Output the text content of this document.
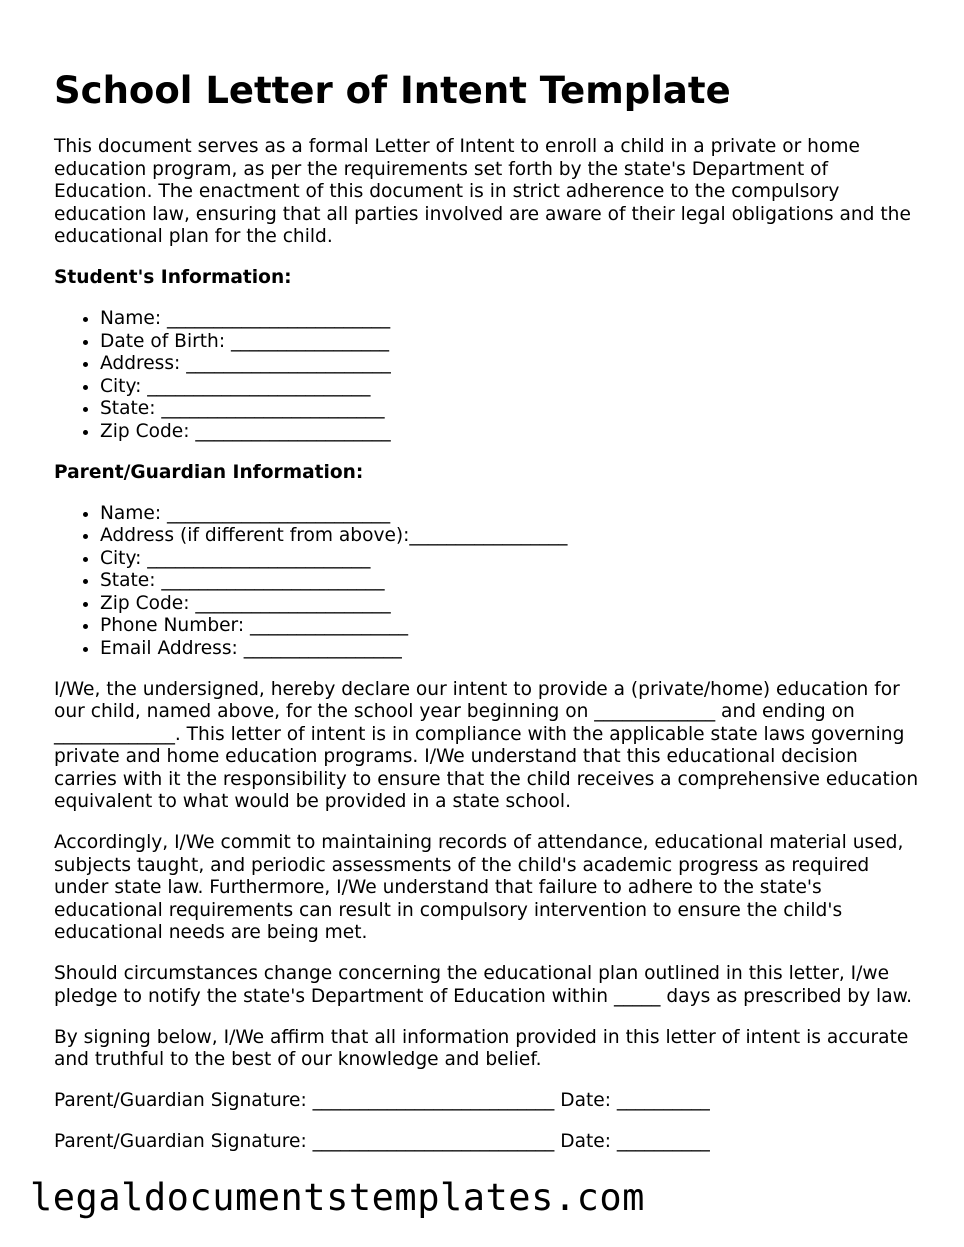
School Letter of Intent Template

This document serves as a formal Letter of Intent to enroll a child in a private or home education program, as per the requirements set forth by the state's Department of Education. The enactment of this document is in strict adherence to the compulsory education law, ensuring that all parties involved are aware of their legal obligations and the educational plan for the child.

Student's Information:
• Name: ________________________
• Date of Birth: _________________
• Address: ______________________
• City: ________________________
• State: ________________________
• Zip Code: _____________________
Parent/Guardian Information:
• Name: ________________________
• Address (if different from above):_________________
• City: ________________________
• State: ________________________
• Zip Code: _____________________
• Phone Number: _________________
• Email Address: _________________

I/We, the undersigned, hereby declare our intent to provide a (private/home) education for our child, named above, for the school year beginning on _____________ and ending on _____________. This letter of intent is in compliance with the applicable state laws governing private and home education programs. I/We understand that this educational decision carries with it the responsibility to ensure that the child receives a comprehensive education equivalent to what would be provided in a state school.

Accordingly, I/We commit to maintaining records of attendance, educational material used, subjects taught, and periodic assessments of the child's academic progress as required under state law. Furthermore, I/We understand that failure to adhere to the state's educational requirements can result in compulsory intervention to ensure the child's educational needs are being met.

Should circumstances change concerning the educational plan outlined in this letter, I/we pledge to notify the state's Department of Education within _____ days as prescribed by law.

By signing below, I/We affirm that all information provided in this letter of intent is accurate and truthful to the best of our knowledge and belief.

Parent/Guardian Signature: __________________________ Date: __________

Parent/Guardian Signature: __________________________ Date: __________

legaldocumentstemplates.com
